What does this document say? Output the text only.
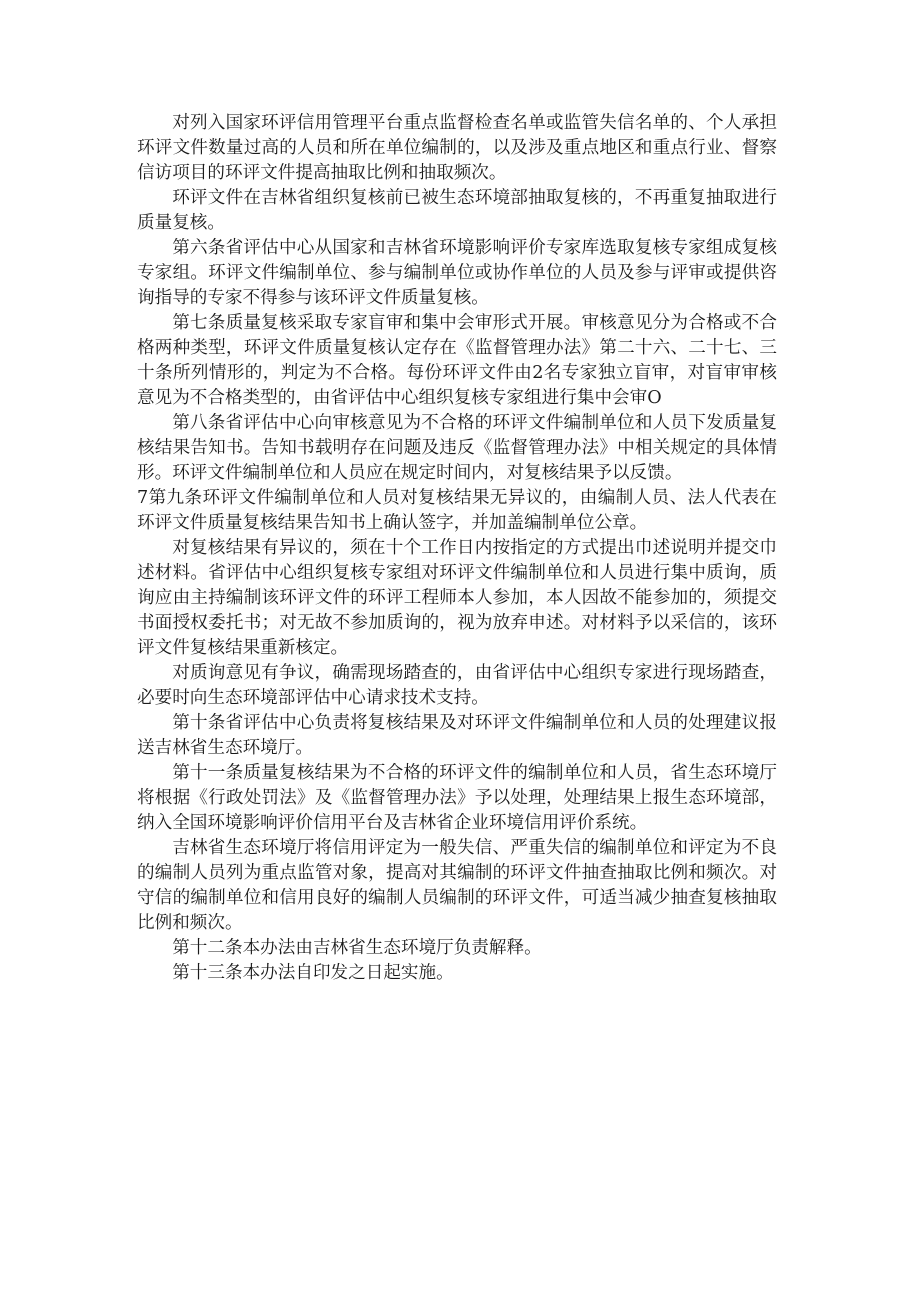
对列入国家环评信用管理平台重点监督检查名单或监管失信名单的、个人承担环评文件数量过高的人员和所在单位编制的，以及涉及重点地区和重点行业、督察信访项目的环评文件提高抽取比例和抽取频次。

环评文件在吉林省组织复核前已被生态环境部抽取复核的，不再重复抽取进行质量复核。

第六条省评估中心从国家和吉林省环境影响评价专家库选取复核专家组成复核专家组。环评文件编制单位、参与编制单位或协作单位的人员及参与评审或提供咨询指导的专家不得参与该环评文件质量复核。

第七条质量复核采取专家盲审和集中会审形式开展。审核意见分为合格或不合格两种类型，环评文件质量复核认定存在《监督管理办法》第二十六、二十七、三十条所列情形的，判定为不合格。每份环评文件由2名专家独立盲审，对盲审审核意见为不合格类型的，由省评估中心组织复核专家组进行集中会审O

第八条省评估中心向审核意见为不合格的环评文件编制单位和人员下发质量复核结果告知书。告知书载明存在问题及违反《监督管理办法》中相关规定的具体情形。环评文件编制单位和人员应在规定时间内，对复核结果予以反馈。

7第九条环评文件编制单位和人员对复核结果无异议的，由编制人员、法人代表在环评文件质量复核结果告知书上确认签字，并加盖编制单位公章。

对复核结果有异议的，须在十个工作日内按指定的方式提出巾述说明并提交巾述材料。省评估中心组织复核专家组对环评文件编制单位和人员进行集中质询，质询应由主持编制该环评文件的环评工程师本人参加，本人因故不能参加的，须提交书面授权委托书；对无故不参加质询的，视为放弃申述。对材料予以采信的，该环评文件复核结果重新核定。

对质询意见有争议，确需现场踏查的，由省评估中心组织专家进行现场踏查，必要时向生态环境部评估中心请求技术支持。

第十条省评估中心负责将复核结果及对环评文件编制单位和人员的处理建议报送吉林省生态环境厅。

第十一条质量复核结果为不合格的环评文件的编制单位和人员，省生态环境厅将根据《行政处罚法》及《监督管理办法》予以处理，处理结果上报生态环境部，纳入全国环境影响评价信用平台及吉林省企业环境信用评价系统。

吉林省生态环境厅将信用评定为一般失信、严重失信的编制单位和评定为不良的编制人员列为重点监管对象，提高对其编制的环评文件抽查抽取比例和频次。对守信的编制单位和信用良好的编制人员编制的环评文件，可适当减少抽查复核抽取比例和频次。

第十二条本办法由吉林省生态环境厅负责解释。

第十三条本办法自印发之日起实施。
